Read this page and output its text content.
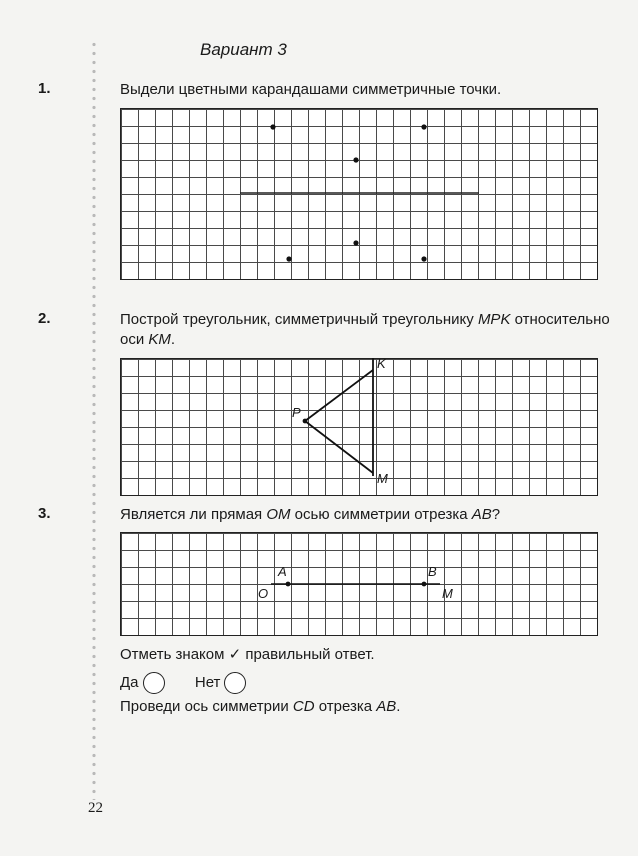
Вариант 3
1.	Выдели цветными карандашами симметричные точки.
2.	Построй треугольник, симметричный треугольнику MPK относительно оси KM.
3.	Является ли прямая OM осью симметрии отрезка AB?
K
P
M
A	B
O	M
Отметь знаком ✓ правильный ответ.
Да	Нет
Проведи ось симметрии CD отрезка AB.
22
